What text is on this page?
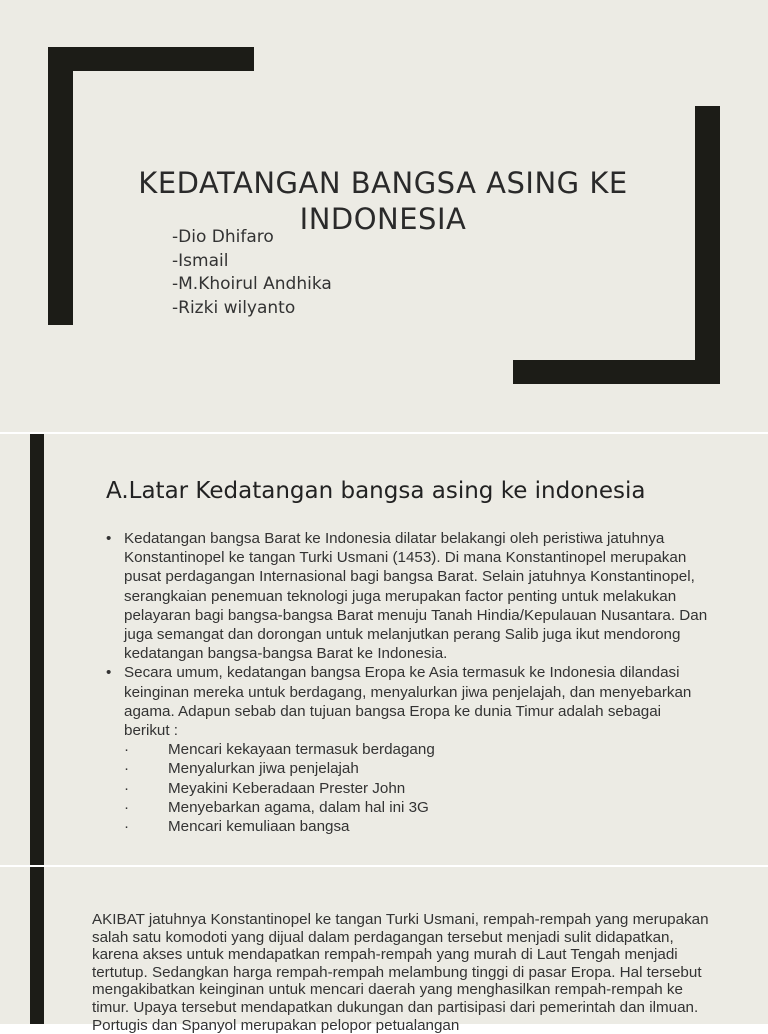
KEDATANGAN BANGSA ASING KE INDONESIA
-Dio Dhifaro
-Ismail
-M.Khoirul Andhika
-Rizki wilyanto
A.Latar Kedatangan bangsa asing ke indonesia
• Kedatangan bangsa Barat ke Indonesia dilatar belakangi oleh peristiwa jatuhnya Konstantinopel ke tangan Turki Usmani (1453). Di mana Konstantinopel merupakan pusat perdagangan Internasional bagi bangsa Barat. Selain jatuhnya Konstantinopel, serangkaian penemuan teknologi juga merupakan factor penting untuk melakukan pelayaran bagi bangsa-bangsa Barat menuju Tanah Hindia/Kepulauan Nusantara. Dan juga semangat dan dorongan untuk melanjutkan perang Salib juga ikut mendorong kedatangan bangsa-bangsa Barat ke Indonesia.
• Secara umum, kedatangan bangsa Eropa ke Asia termasuk ke Indonesia dilandasi keinginan mereka untuk berdagang, menyalurkan jiwa penjelajah, dan menyebarkan agama. Adapun sebab dan tujuan bangsa Eropa ke dunia Timur adalah sebagai berikut :
· Mencari kekayaan termasuk berdagang
· Menyalurkan jiwa penjelajah
· Meyakini Keberadaan Prester John
· Menyebarkan agama, dalam hal ini 3G
· Mencari kemuliaan bangsa

AKIBAT jatuhnya Konstantinopel ke tangan Turki Usmani, rempah-rempah yang merupakan salah satu komodoti yang dijual dalam perdagangan tersebut menjadi sulit didapatkan, karena akses untuk mendapatkan rempah-rempah yang murah di Laut Tengah menjadi tertutup. Sedangkan harga rempah-rempah melambung tinggi di pasar Eropa. Hal tersebut mengakibatkan keinginan untuk mencari daerah yang menghasilkan rempah-rempah ke timur. Upaya tersebut mendapatkan dukungan dan partisipasi dari pemerintah dan ilmuan. Portugis dan Spanyol merupakan pelopor petualangan
